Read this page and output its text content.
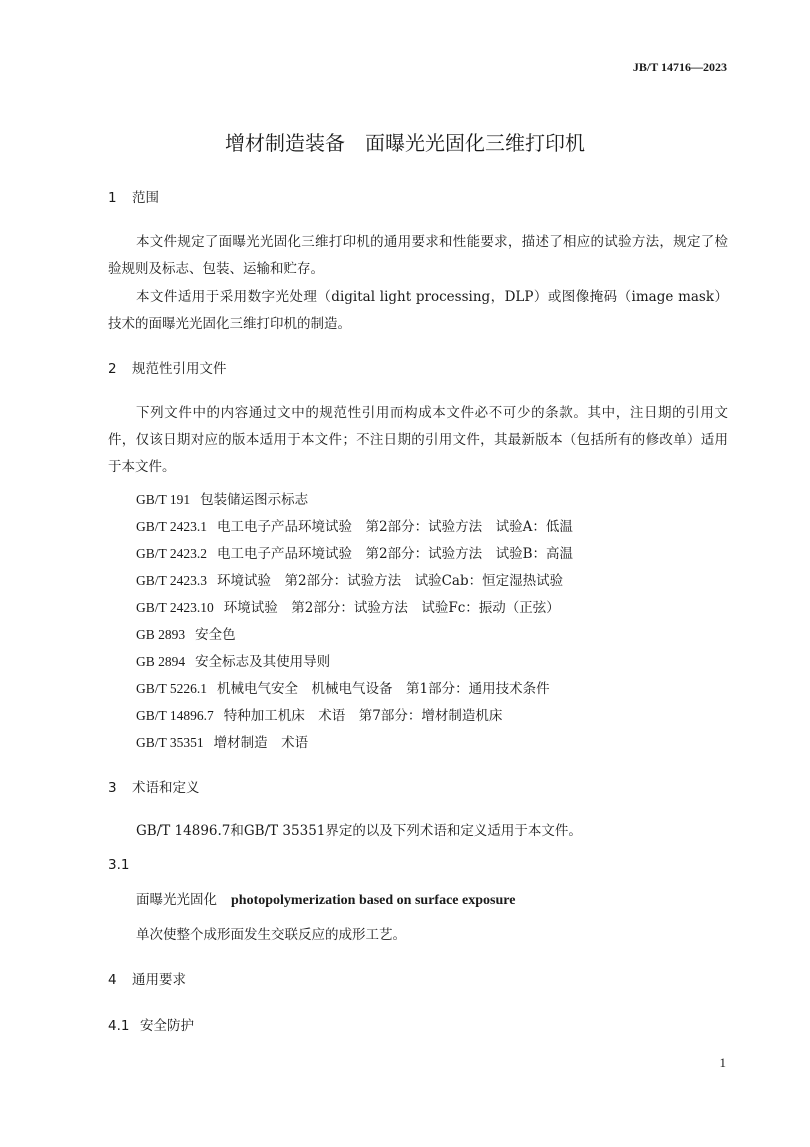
JB/T 14716—2023
增材制造装备　面曝光光固化三维打印机
1 范围
本文件规定了面曝光光固化三维打印机的通用要求和性能要求，描述了相应的试验方法，规定了检验规则及标志、包装、运输和贮存。
本文件适用于采用数字光处理（digital light processing，DLP）或图像掩码（image mask）技术的面曝光光固化三维打印机的制造。
2 规范性引用文件
下列文件中的内容通过文中的规范性引用而构成本文件必不可少的条款。其中，注日期的引用文件，仅该日期对应的版本适用于本文件；不注日期的引用文件，其最新版本（包括所有的修改单）适用于本文件。
GB/T 191 包装储运图示标志
GB/T 2423.1 电工电子产品环境试验　第2部分：试验方法　试验A：低温
GB/T 2423.2 电工电子产品环境试验　第2部分：试验方法　试验B：高温
GB/T 2423.3 环境试验　第2部分：试验方法　试验Cab：恒定湿热试验
GB/T 2423.10 环境试验　第2部分：试验方法　试验Fc：振动（正弦）
GB 2893 安全色
GB 2894 安全标志及其使用导则
GB/T 5226.1 机械电气安全　机械电气设备　第1部分：通用技术条件
GB/T 14896.7 特种加工机床　术语　第7部分：增材制造机床
GB/T 35351 增材制造　术语
3 术语和定义
GB/T 14896.7和GB/T 35351界定的以及下列术语和定义适用于本文件。
3.1
面曝光光固化 photopolymerization based on surface exposure
单次使整个成形面发生交联反应的成形工艺。
4 通用要求
4.1 安全防护
1
